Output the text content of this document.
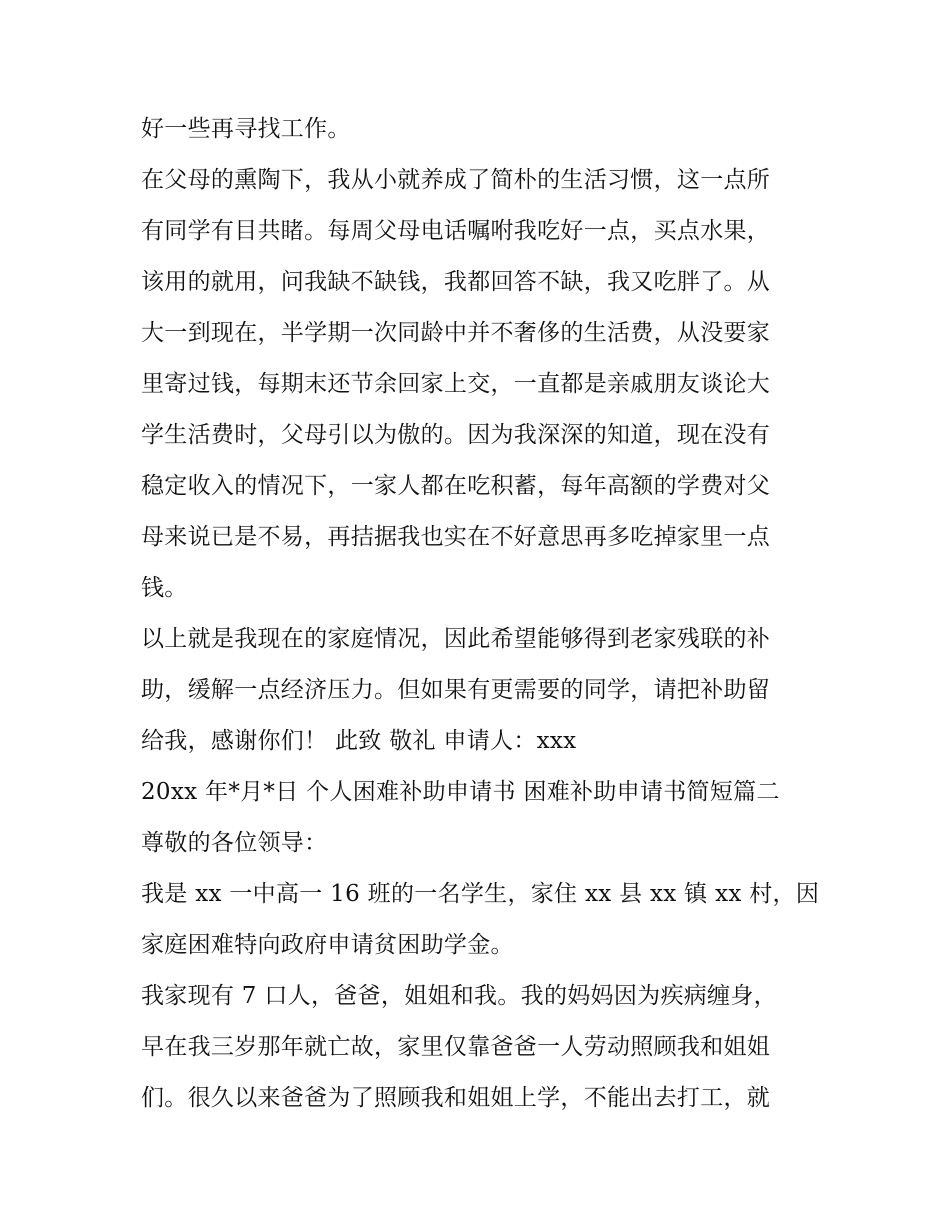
好一些再寻找工作。
在父母的熏陶下，我从小就养成了简朴的生活习惯，这一点所
有同学有目共睹。每周父母电话嘱咐我吃好一点，买点水果，
该用的就用，问我缺不缺钱，我都回答不缺，我又吃胖了。从
大一到现在，半学期一次同龄中并不奢侈的生活费，从没要家
里寄过钱，每期末还节余回家上交，一直都是亲戚朋友谈论大
学生活费时，父母引以为傲的。因为我深深的知道，现在没有
稳定收入的情况下，一家人都在吃积蓄，每年高额的学费对父
母来说已是不易，再拮据我也实在不好意思再多吃掉家里一点
钱。
以上就是我现在的家庭情况，因此希望能够得到老家残联的补
助，缓解一点经济压力。但如果有更需要的同学，请把补助留
给我，感谢你们！ 此致 敬礼 申请人：xxx
20xx 年*月*日 个人困难补助申请书 困难补助申请书简短篇二
尊敬的各位领导：
我是 xx 一中高一 16 班的一名学生，家住 xx 县 xx 镇 xx 村，因
家庭困难特向政府申请贫困助学金。
我家现有 7 口人，爸爸，姐姐和我。我的妈妈因为疾病缠身，
早在我三岁那年就亡故，家里仅靠爸爸一人劳动照顾我和姐姐
们。很久以来爸爸为了照顾我和姐姐上学，不能出去打工，就
